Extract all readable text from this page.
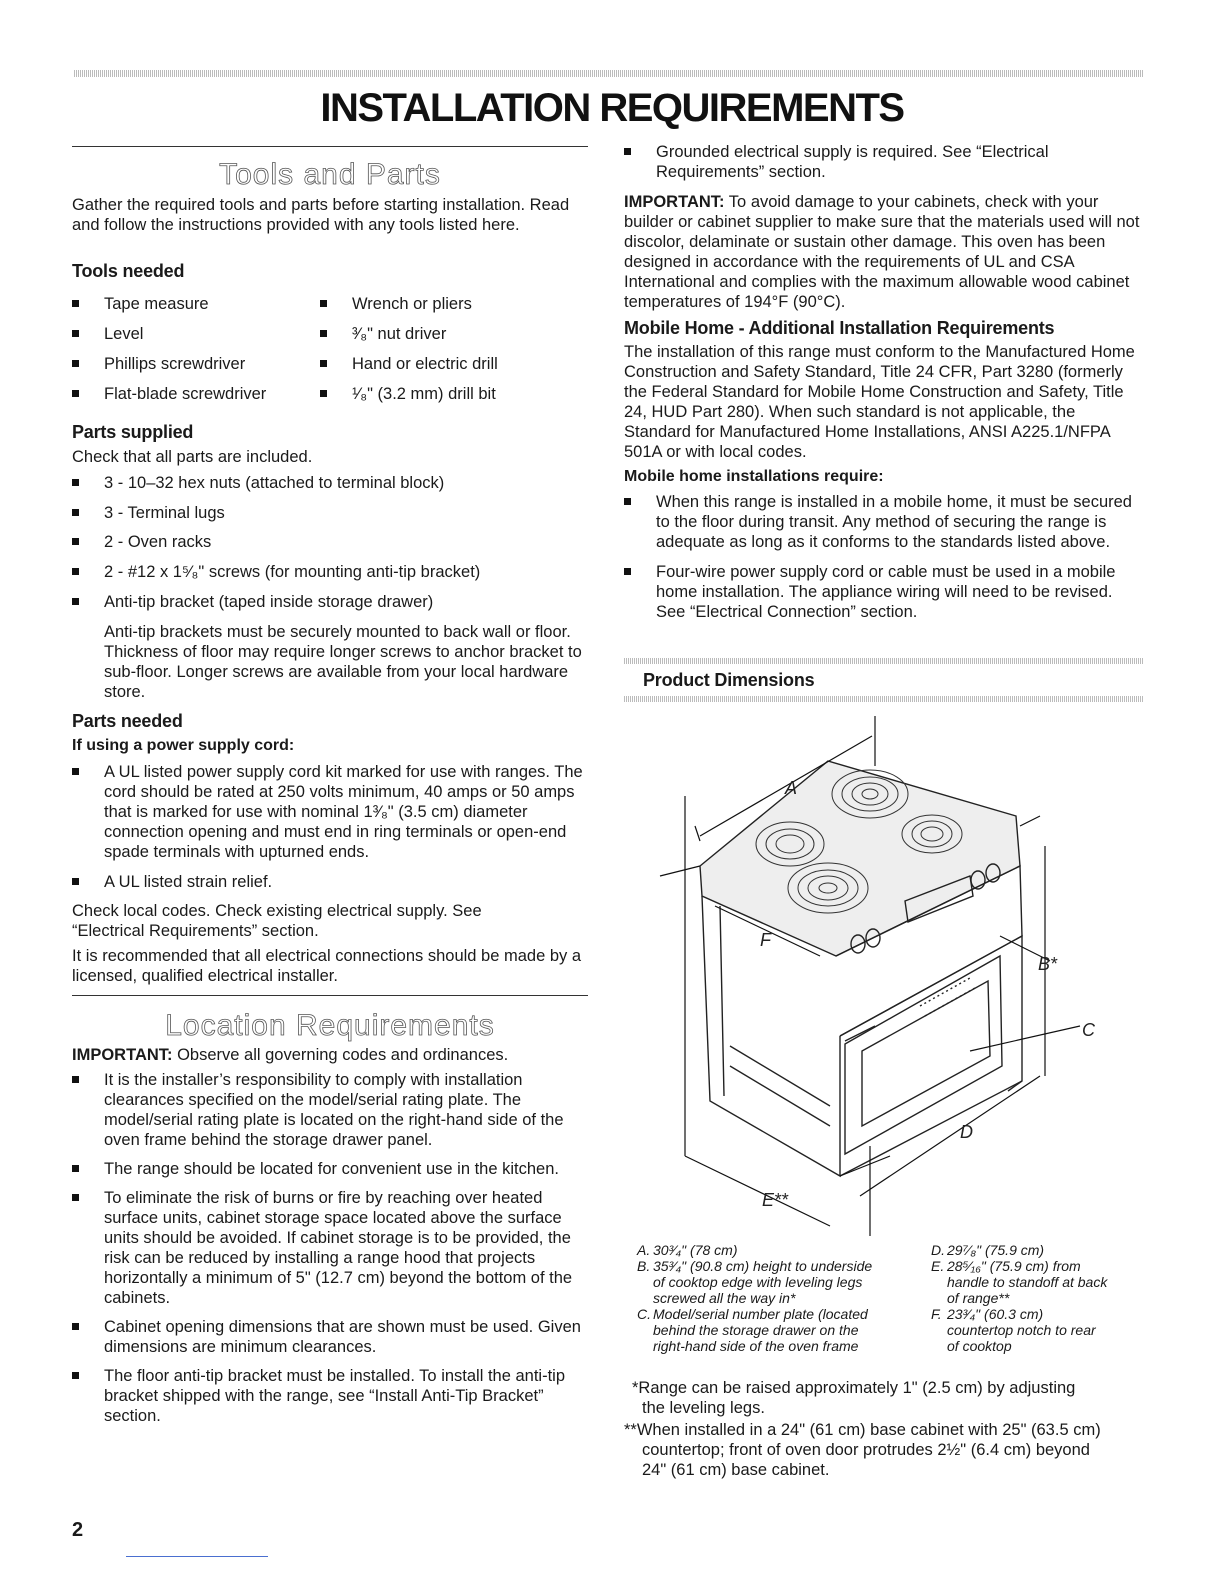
INSTALLATION REQUIREMENTS
Tools and Parts

Gather the required tools and parts before starting installation. Read and follow the instructions provided with any tools listed here.

Tools needed
Tape measure
Level
Phillips screwdriver
Flat-blade screwdriver
Wrench or pliers
³⁄₈" nut driver
Hand or electric drill
¹⁄₈" (3.2 mm) drill bit
Parts supplied

Check that all parts are included.

3 - 10–32 hex nuts (attached to terminal block)
3 - Terminal lugs
2 - Oven racks
2 - #12 x 1⁵⁄₈" screws (for mounting anti-tip bracket)
Anti-tip bracket (taped inside storage drawer)

Anti-tip brackets must be securely mounted to back wall or floor. Thickness of floor may require longer screws to anchor bracket to sub-floor. Longer screws are available from your local hardware store.

Parts needed
If using a power supply cord:
A UL listed power supply cord kit marked for use with ranges. The cord should be rated at 250 volts minimum, 40 amps or 50 amps that is marked for use with nominal 1³⁄₈" (3.5 cm) diameter connection opening and must end in ring terminals or open-end spade terminals with upturned ends.
A UL listed strain relief.

Check local codes. Check existing electrical supply. See “Electrical Requirements” section.

It is recommended that all electrical connections should be made by a licensed, qualified electrical installer.

Location Requirements

IMPORTANT: Observe all governing codes and ordinances.

It is the installer’s responsibility to comply with installation clearances specified on the model/serial rating plate. The model/serial rating plate is located on the right-hand side of the oven frame behind the storage drawer panel.
The range should be located for convenient use in the kitchen.
To eliminate the risk of burns or fire by reaching over heated surface units, cabinet storage space located above the surface units should be avoided. If cabinet storage is to be provided, the risk can be reduced by installing a range hood that projects horizontally a minimum of 5" (12.7 cm) beyond the bottom of the cabinets.
Cabinet opening dimensions that are shown must be used. Given dimensions are minimum clearances.
The floor anti-tip bracket must be installed. To install the anti-tip bracket shipped with the range, see “Install Anti-Tip Bracket” section.
Grounded electrical supply is required. See “Electrical Requirements” section.

IMPORTANT: To avoid damage to your cabinets, check with your builder or cabinet supplier to make sure that the materials used will not discolor, delaminate or sustain other damage. This oven has been designed in accordance with the requirements of UL and CSA International and complies with the maximum allowable wood cabinet temperatures of 194°F (90°C).

Mobile Home - Additional Installation Requirements

The installation of this range must conform to the Manufactured Home Construction and Safety Standard, Title 24 CFR, Part 3280 (formerly the Federal Standard for Mobile Home Construction and Safety, Title 24, HUD Part 280). When such standard is not applicable, the Standard for Manufactured Home Installations, ANSI A225.1/NFPA 501A or with local codes.

Mobile home installations require:
When this range is installed in a mobile home, it must be secured to the floor during transit. Any method of securing the range is adequate as long as it conforms to the standards listed above.
Four-wire power supply cord or cable must be used in a mobile home installation. The appliance wiring will need to be revised. See “Electrical Connection” section.
Product Dimensions
A
F
B*
C
D
E**
A. 30³⁄₄" (78 cm)
B. 35³⁄₄" (90.8 cm) height to underside
of cooktop edge with leveling legs
screwed all the way in*
C. Model/serial number plate (located
behind the storage drawer on the
right-hand side of the oven frame
D. 29⁷⁄₈" (75.9 cm)
E. 28⁵⁄₁₆" (75.9 cm) from
handle to standoff at back
of range**
F. 23³⁄₄" (60.3 cm)
countertop notch to rear
of cooktop
*Range can be raised approximately 1" (2.5 cm) by adjusting
the leveling legs.
**When installed in a 24" (61 cm) base cabinet with 25" (63.5 cm)
countertop; front of oven door protrudes 2½" (6.4 cm) beyond
24" (61 cm) base cabinet.
2
